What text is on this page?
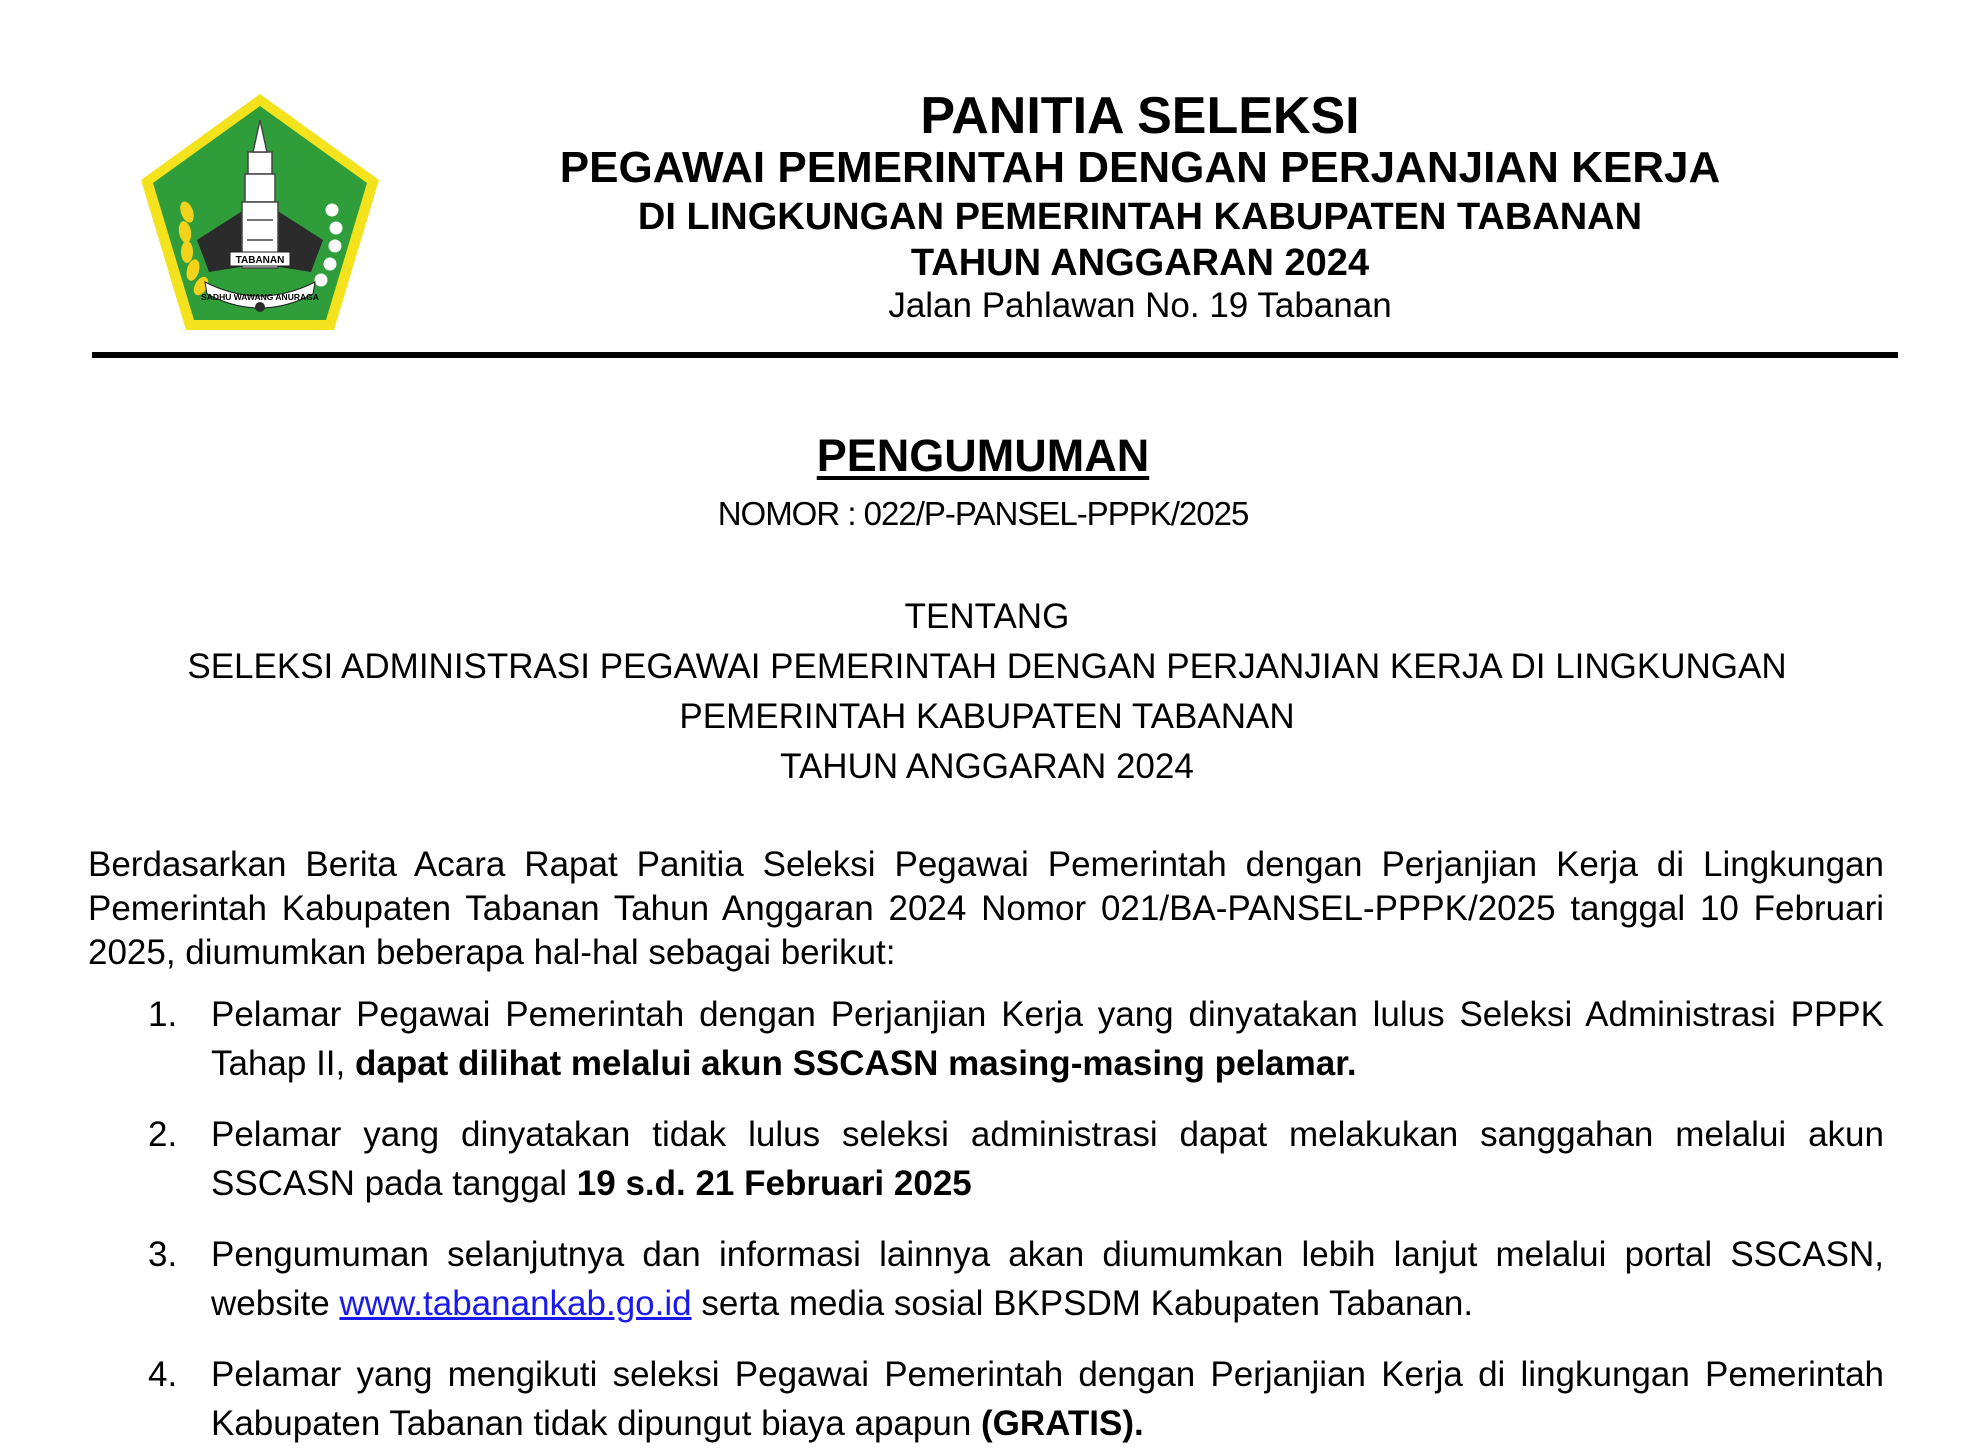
TABANAN
SADHU WAWANG ANURAGA
PANITIA SELEKSI
PEGAWAI PEMERINTAH DENGAN PERJANJIAN KERJA
DI LINGKUNGAN PEMERINTAH KABUPATEN TABANAN
TAHUN ANGGARAN 2024
Jalan Pahlawan No. 19 Tabanan
PENGUMUMAN
NOMOR : 022/P-PANSEL-PPPK/2025
TENTANG
SELEKSI ADMINISTRASI PEGAWAI PEMERINTAH DENGAN PERJANJIAN KERJA DI LINGKUNGAN
PEMERINTAH KABUPATEN TABANAN
TAHUN ANGGARAN 2024
Berdasarkan Berita Acara Rapat Panitia Seleksi Pegawai Pemerintah dengan Perjanjian Kerja di Lingkungan Pemerintah Kabupaten Tabanan Tahun Anggaran 2024 Nomor 021/BA-PANSEL-PPPK/2025 tanggal 10 Februari 2025, diumumkan beberapa hal-hal sebagai berikut:
1. Pelamar Pegawai Pemerintah dengan Perjanjian Kerja yang dinyatakan lulus Seleksi Administrasi PPPK Tahap II, dapat dilihat melalui akun SSCASN masing-masing pelamar.
2. Pelamar yang dinyatakan tidak lulus seleksi administrasi dapat melakukan sanggahan melalui akun SSCASN pada tanggal 19 s.d. 21 Februari 2025
3. Pengumuman selanjutnya dan informasi lainnya akan diumumkan lebih lanjut melalui portal SSCASN, website www.tabanankab.go.id serta media sosial BKPSDM Kabupaten Tabanan.
4. Pelamar yang mengikuti seleksi Pegawai Pemerintah dengan Perjanjian Kerja di lingkungan Pemerintah Kabupaten Tabanan tidak dipungut biaya apapun (GRATIS).
